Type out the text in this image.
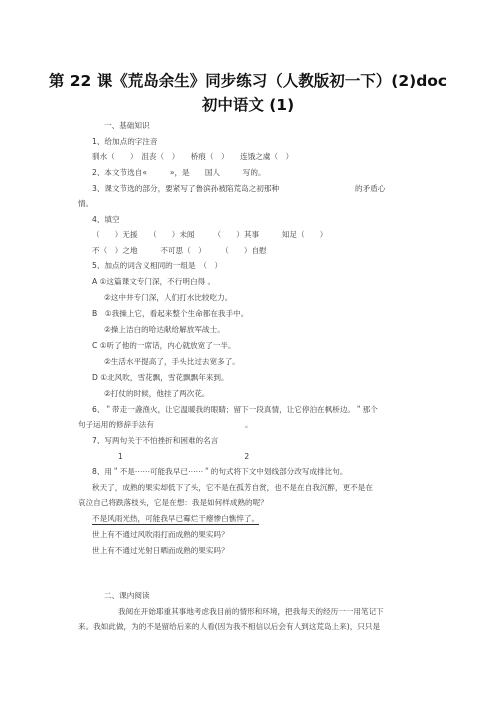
第 22 课《荒岛余生》同步练习（人教版初一下）(2)doc
初中语文 (1)
一、基础知识
1、给加点的字注音
驯水（　　）　沮丧（　）　　桥痕（　）　　连饿之虞（　）
2、本文节选自«　　　»，是　　国人　　　写的。
3、课文节选的部分，要紧写了鲁滨孙被陷荒岛之初那种　　　　　　　　　　的矛盾心
情。
4、填空
（　　）无援　　（　　）未闻　　　（　　）其事　　　知足（　　）
不（　）之地　　　不可思（　）　　　（　　）自慰
5、加点的词含义相同的一组是　（　）
A ①这篇课文专门深，不行明白得 。
②这中井专门深，人们打水比较吃力。
B　①我操上它，看起来整个生命都在我手中。
②操上洁白的哈达献给解放军战士。
C ①听了他的一席话，内心就放宽了一半。
②生活水平提高了，手头比过去宽多了。
D ①北风吹，雪花飘，雪花飘飘年来到。
②打仗的时候，他挂了两次花。
6、＂带走一盏渔火，让它温暖我的眼睛；留下一段真情，让它停泊在枫桥边。＂那个
句子运用的修辞手法有　　　　　　　　　　　　。
7、写两句关于不怕挫折和困难的名言
1　　　　　　　　　　　　　　　　2
8、用＂不是⋯⋯可能我早已⋯⋯＂的句式将下文中划线部分改写成排比句。
秋天了，成熟的果实却低下了头，它不是在孤芳自赏，也不是在自我沉醉，更不是在
哀泣自己将跌落枝头，它是在想：我是如何样成熟的呢？
不是风雨光热，可能我早已霉烂干瘪惨白憔悴了。
世上有不通过风吹雨打而成熟的果实吗？
世上有不通过光射日晒而成熟的果实吗？
二、课内阅读
我阅在开始耶重其事地考虑我目前的情形和环境，把我每天的经历一一用笔记下
来。我如此做，为的不是留给后来的人看(因为我不相信以后会有人到这荒岛上来)，只只是
